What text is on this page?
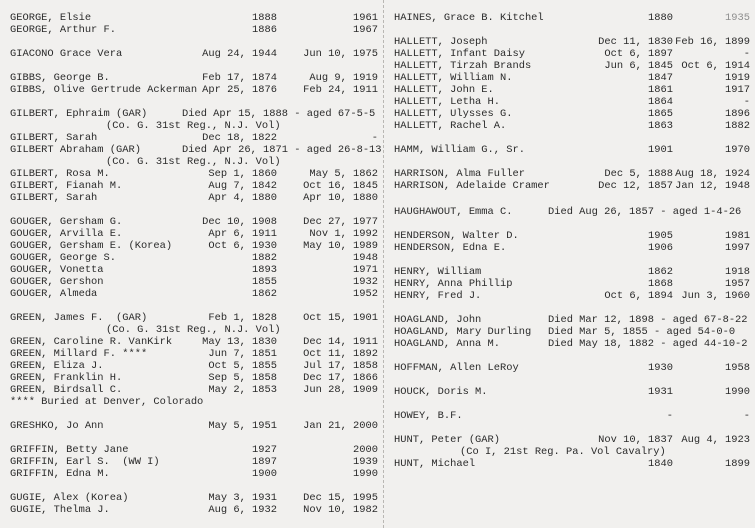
GEORGE, Elsie	1888	1961
GEORGE, Arthur F.	1886	1967
GIACONO Grace Vera	Aug 24, 1944	Jun 10, 1975
GIBBS, George B.	Feb 17, 1874	Aug 9, 1919
GIBBS, Olive Gertrude Ackerman Apr 25, 1876	Feb 24, 1911
GILBERT, Ephraim (GAR)	Died Apr 15, 1888 - aged 67-5-5
(Co. G. 31st Reg., N.J. Vol)
GILBERT, Sarah	Dec 18, 1822	-
GILBERT Abraham (GAR)	Died Apr 26, 1871 - aged 26-8-13
(Co. G. 31st Reg., N.J. Vol)
GILBERT, Rosa M.	Sep 1, 1860	May 5, 1862
GILBERT, Fianah M.	Aug 7, 1842	Oct 16, 1845
GILBERT, Sarah	Apr 4, 1880	Apr 10, 1880
GOUGER, Gersham G.	Dec 10, 1908	Dec 27, 1977
GOUGER, Arvilla E.	Apr 6, 1911	Nov 1, 1992
GOUGER, Gersham E. (Korea)	Oct 6, 1930	May 10, 1989
GOUGER, George S.	1882	1948
GOUGER, Vonetta	1893	1971
GOUGER, Gershon	1855	1932
GOUGER, Almeda	1862	1952
GREEN, James F.  (GAR)	Feb 1, 1828	Oct 15, 1901
(Co. G. 31st Reg., N.J. Vol)
GREEN, Caroline R. VanKirk	May 13, 1830	Dec 14, 1911
GREEN, Millard F. ****	Jun 7, 1851	Oct 11, 1892
GREEN, Eliza J.	Oct 5, 1855	Jul 17, 1858
GREEN, Franklin H.	Sep 5, 1858	Dec 17, 1866
GREEN, Birdsall C.	May 2, 1853	Jun 28, 1909
**** Buried at Denver, Colorado
GRESHKO, Jo Ann	May 5, 1951	Jan 21, 2000
GRIFFIN, Betty Jane	1927	2000
GRIFFIN, Earl S.  (WW I)	1897	1939
GRIFFIN, Edna M.	1900	1990
GUGIE, Alex (Korea)	May 3, 1931	Dec 15, 1995
GUGIE, Thelma J.	Aug 6, 1932	Nov 10, 1982
HAINES, Grace B. Kitchel	1880	1935
HALLETT, Joseph	Dec 11, 1830 Feb 16, 1899
HALLETT, Infant Daisy	Oct 6, 1897	-
HALLETT, Tirzah Brands	Jun 6, 1845 Oct 6, 1914
HALLETT, William N.	1847	1919
HALLETT, John E.	1861	1917
HALLETT, Letha H.	1864	-
HALLETT, Ulysses G.	1865	1896
HALLETT, Rachel A.	1863	1882
HAMM, William G., Sr.	1901	1970
HARRISON, Alma Fuller	Dec 5, 1888 Aug 18, 1924
HARRISON, Adelaide Cramer	Dec 12, 1857 Jan 12, 1948
HAUGHAWOUT, Emma C.	Died Aug 26, 1857 - aged 1-4-26
HENDERSON, Walter D.	1905	1981
HENDERSON, Edna E.	1906	1997
HENRY, William	1862	1918
HENRY, Anna Phillip	1868	1957
HENRY, Fred J.	Oct 6, 1894 Jun 3, 1960
HOAGLAND, John	Died Mar 12, 1898 - aged 67-8-22
HOAGLAND, Mary Durling Died Mar 5, 1855 - aged 54-0-0
HOAGLAND, Anna M.	Died May 18, 1882 - aged 44-10-2
HOFFMAN, Allen LeRoy	1930	1958
HOUCK, Doris M.	1931	1990
HOWEY, B.F.	-	-
HUNT, Peter (GAR)	Nov 10, 1837 Aug 4, 1923
(Co I, 21st Reg. Pa. Vol Cavalry)
HUNT, Michael	1840	1899
